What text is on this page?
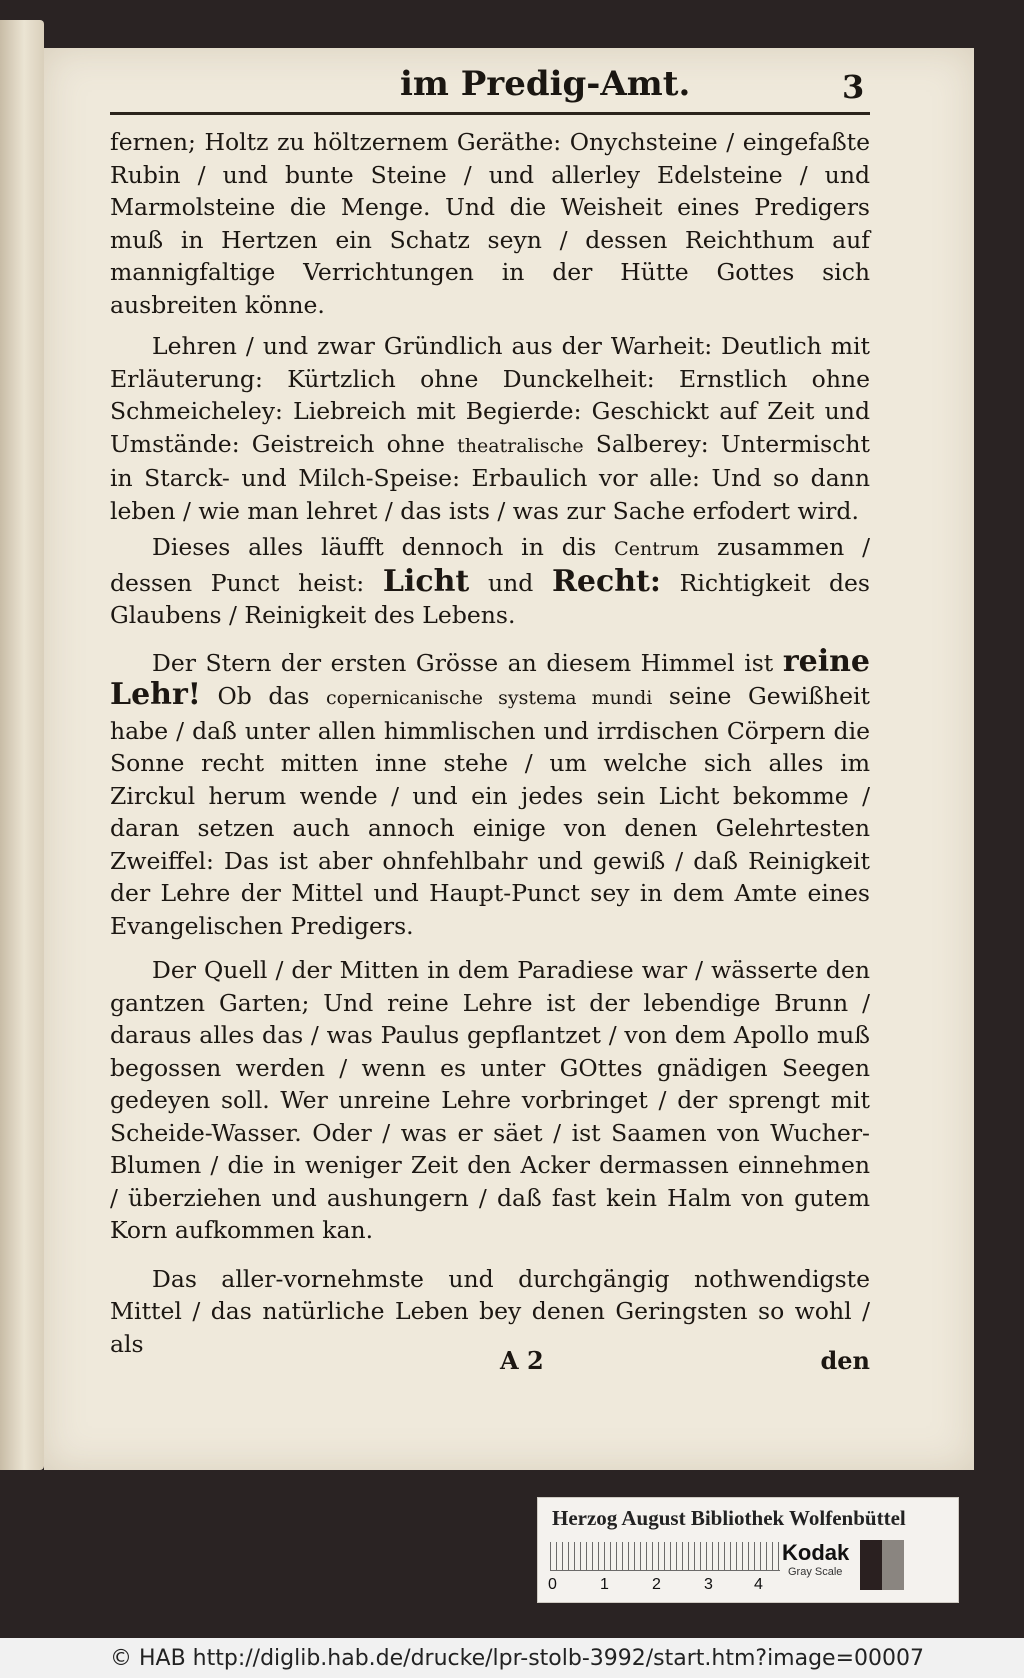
im Predig-Amt.	3

fernen; Holtz zu höltzernem Geräthe: Onychsteine / eingefaßte Rubin / und bunte Steine / und allerley Edelsteine / und Marmolsteine die Menge. Und die Weisheit eines Predigers muß in Hertzen ein Schatz seyn / dessen Reichthum auf mannigfaltige Verrichtungen in der Hütte Gottes sich ausbreiten könne.

Lehren / und zwar Gründlich aus der Warheit: Deutlich mit Erläuterung: Kürtzlich ohne Dunckelheit: Ernstlich ohne Schmeicheley: Liebreich mit Begierde: Geschickt auf Zeit und Umstände: Geistreich ohne theatralische Salberey: Untermischt in Starck- und Milch-Speise: Erbaulich vor alle: Und so dann leben / wie man lehret / das ists / was zur Sache erfodert wird.

Dieses alles läufft dennoch in dis Centrum zusammen / dessen Punct heist: Licht und Recht: Richtigkeit des Glaubens / Reinigkeit des Lebens.

Der Stern der ersten Grösse an diesem Himmel ist reine Lehr! Ob das copernicanische systema mundi seine Gewißheit habe / daß unter allen himmlischen und irrdischen Cörpern die Sonne recht mitten inne stehe / um welche sich alles im Zirckul herum wende / und ein jedes sein Licht bekomme / daran setzen auch annoch einige von denen Gelehrtesten Zweiffel: Das ist aber ohnfehlbahr und gewiß / daß Reinigkeit der Lehre der Mittel und Haupt-Punct sey in dem Amte eines Evangelischen Predigers.

Der Quell / der Mitten in dem Paradiese war / wässerte den gantzen Garten; Und reine Lehre ist der lebendige Brunn / daraus alles das / was Paulus gepflantzet / von dem Apollo muß begossen werden / wenn es unter GOttes gnädigen Seegen gedeyen soll. Wer unreine Lehre vorbringet / der sprengt mit Scheide-Wasser. Oder / was er säet / ist Saamen von Wucher-Blumen / die in weniger Zeit den Acker dermassen einnehmen / überziehen und aushungern / daß fast kein Halm von gutem Korn aufkommen kan.

Das aller-vornehmste und durchgängig nothwendigste Mittel / das natürliche Leben bey denen Geringsten so wohl / als

A 2	den
Herzog August Bibliothek Wolfenbüttel
0	1	2	3	4
Kodak
Gray Scale
© HAB http://diglib.hab.de/drucke/lpr-stolb-3992/start.htm?image=00007
